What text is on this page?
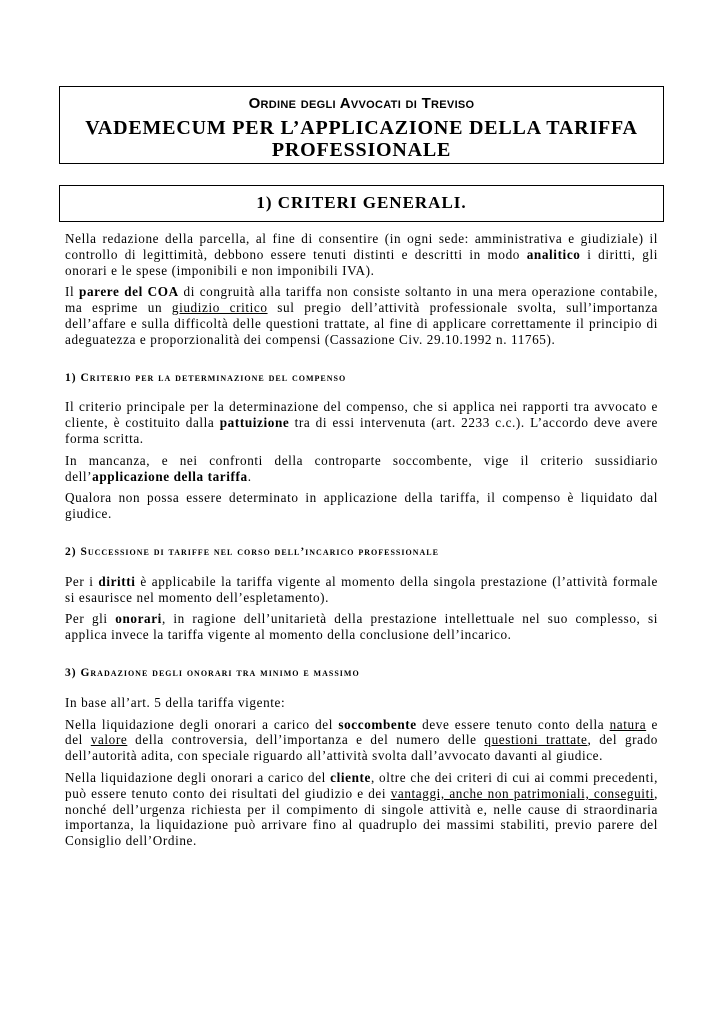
Ordine degli Avvocati di Treviso
VADEMECUM PER L’APPLICAZIONE DELLA TARIFFA
PROFESSIONALE
1) CRITERI GENERALI.

Nella redazione della parcella, al fine di consentire (in ogni sede: amministrativa e giudiziale) il controllo di legittimità, debbono essere tenuti distinti e descritti in modo analitico i diritti, gli onorari e le spese (imponibili e non imponibili IVA).

Il parere del COA di congruità alla tariffa non consiste soltanto in una mera operazione contabile, ma esprime un giudizio critico sul pregio dell’attività professionale svolta, sull’importanza dell’affare e sulla difficoltà delle questioni trattate, al fine di applicare correttamente il principio di adeguatezza e proporzionalità dei compensi (Cassazione Civ. 29.10.1992 n. 11765).

1) Criterio per la determinazione del compenso

Il criterio principale per la determinazione del compenso, che si applica nei rapporti tra avvocato e cliente, è costituito dalla pattuizione tra di essi intervenuta (art. 2233 c.c.). L’accordo deve avere forma scritta.

In mancanza, e nei confronti della controparte soccombente, vige il criterio sussidiario dell’applicazione della tariffa.

Qualora non possa essere determinato in applicazione della tariffa, il compenso è liquidato dal giudice.

2) Successione di tariffe nel corso dell’incarico professionale

Per i diritti è applicabile la tariffa vigente al momento della singola prestazione (l’attività formale si esaurisce nel momento dell’espletamento).

Per gli onorari, in ragione dell’unitarietà della prestazione intellettuale nel suo complesso, si applica invece la tariffa vigente al momento della conclusione dell’incarico.

3) Gradazione degli onorari tra minimo e massimo

In base all’art. 5 della tariffa vigente:

Nella liquidazione degli onorari a carico del soccombente deve essere tenuto conto della natura e del valore della controversia, dell’importanza e del numero delle questioni trattate, del grado dell’autorità adita, con speciale riguardo all’attività svolta dall’avvocato davanti al giudice.

Nella liquidazione degli onorari a carico del cliente, oltre che dei criteri di cui ai commi precedenti, può essere tenuto conto dei risultati del giudizio e dei vantaggi, anche non patrimoniali, conseguiti, nonché dell’urgenza richiesta per il compimento di singole attività e, nelle cause di straordinaria importanza, la liquidazione può arrivare fino al quadruplo dei massimi stabiliti, previo parere del Consiglio dell’Ordine.
